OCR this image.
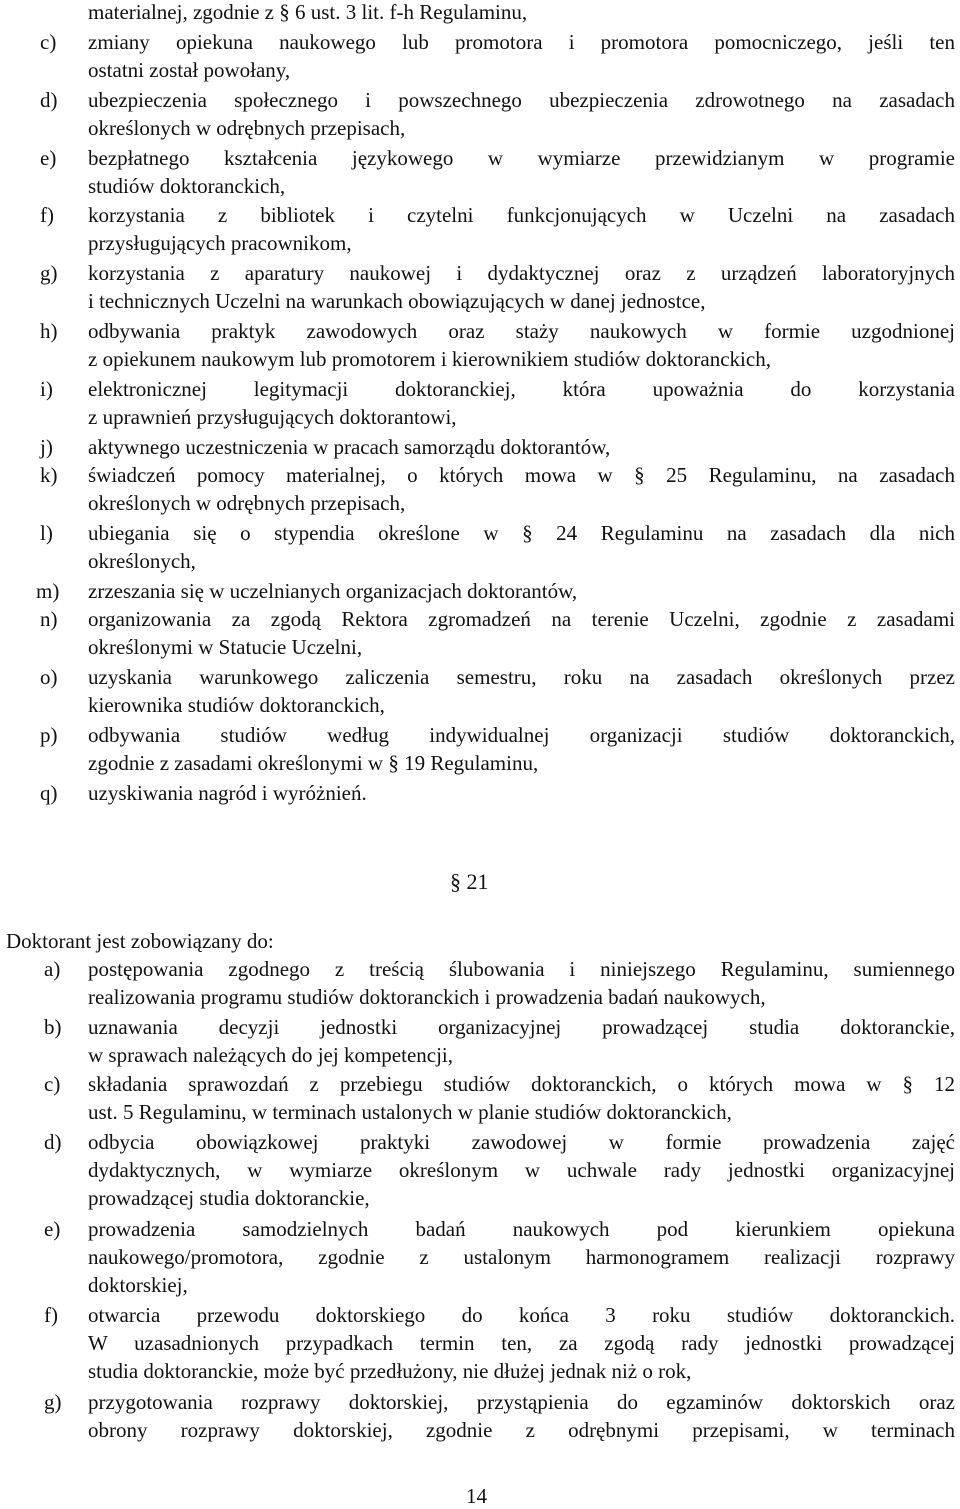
materialnej, zgodnie z § 6 ust. 3 lit. f-h Regulaminu,
c) zmiany opiekuna naukowego lub promotora i promotora pomocniczego, jeśli ten
ostatni został powołany,
d) ubezpieczenia społecznego i powszechnego ubezpieczenia zdrowotnego na zasadach
określonych w odrębnych przepisach,
e) bezpłatnego kształcenia językowego w wymiarze przewidzianym w programie
studiów doktoranckich,
f) korzystania z bibliotek i czytelni funkcjonujących w Uczelni na zasadach
przysługujących pracownikom,
g) korzystania z aparatury naukowej i dydaktycznej oraz z urządzeń laboratoryjnych
i technicznych Uczelni na warunkach obowiązujących w danej jednostce,
h) odbywania praktyk zawodowych oraz staży naukowych w formie uzgodnionej
z opiekunem naukowym lub promotorem i kierownikiem studiów doktoranckich,
i) elektronicznej legitymacji doktoranckiej, która upoważnia do korzystania
z uprawnień przysługujących doktorantowi,
j) aktywnego uczestniczenia w pracach samorządu doktorantów,
k) świadczeń pomocy materialnej, o których mowa w § 25 Regulaminu, na zasadach
określonych w odrębnych przepisach,
l) ubiegania się o stypendia określone w § 24 Regulaminu na zasadach dla nich
określonych,
m) zrzeszania się w uczelnianych organizacjach doktorantów,
n) organizowania za zgodą Rektora zgromadzeń na terenie Uczelni, zgodnie z zasadami
określonymi w Statucie Uczelni,
o) uzyskania warunkowego zaliczenia semestru, roku na zasadach określonych przez
kierownika studiów doktoranckich,
p) odbywania studiów według indywidualnej organizacji studiów doktoranckich,
zgodnie z zasadami określonymi w § 19 Regulaminu,
q) uzyskiwania nagród i wyróżnień.
§ 21
Doktorant jest zobowiązany do:
a) postępowania zgodnego z treścią ślubowania i niniejszego Regulaminu, sumiennego
realizowania programu studiów doktoranckich i prowadzenia badań naukowych,
b) uznawania decyzji jednostki organizacyjnej prowadzącej studia doktoranckie,
w sprawach należących do jej kompetencji,
c) składania sprawozdań z przebiegu studiów doktoranckich, o których mowa w § 12
ust. 5 Regulaminu, w terminach ustalonych w planie studiów doktoranckich,
d) odbycia obowiązkowej praktyki zawodowej w formie prowadzenia zajęć
dydaktycznych, w wymiarze określonym w uchwale rady jednostki organizacyjnej
prowadzącej studia doktoranckie,
e) prowadzenia samodzielnych badań naukowych pod kierunkiem opiekuna
naukowego/promotora, zgodnie z ustalonym harmonogramem realizacji rozprawy
doktorskiej,
f) otwarcia przewodu doktorskiego do końca 3 roku studiów doktoranckich.
W uzasadnionych przypadkach termin ten, za zgodą rady jednostki prowadzącej
studia doktoranckie, może być przedłużony, nie dłużej jednak niż o rok,
g) przygotowania rozprawy doktorskiej, przystąpienia do egzaminów doktorskich oraz
obrony rozprawy doktorskiej, zgodnie z odrębnymi przepisami, w terminach
14
